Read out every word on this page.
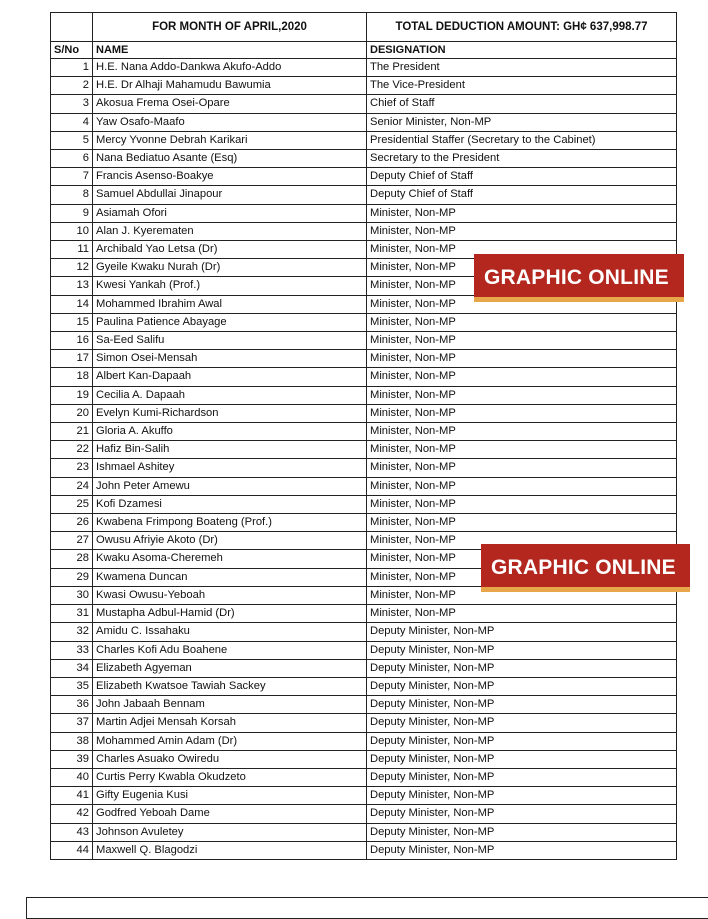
	FOR MONTH OF APRIL,2020	TOTAL DEDUCTION AMOUNT: GH¢ 637,998.77
S/No	NAME	DESIGNATION
1	H.E. Nana Addo-Dankwa Akufo-Addo	The President
2	H.E. Dr Alhaji Mahamudu Bawumia	The Vice-President
3	Akosua Frema Osei-Opare	Chief of Staff
4	Yaw Osafo-Maafo	Senior Minister, Non-MP
5	Mercy Yvonne Debrah Karikari	Presidential Staffer (Secretary to the Cabinet)
6	Nana Bediatuo Asante (Esq)	Secretary to the President
7	Francis Asenso-Boakye	Deputy Chief of Staff
8	Samuel Abdullai Jinapour	Deputy Chief of Staff
9	Asiamah Ofori	Minister, Non-MP
10	Alan J. Kyerematen	Minister, Non-MP
11	Archibald Yao Letsa (Dr)	Minister, Non-MP
12	Gyeile Kwaku Nurah (Dr)	Minister, Non-MP
13	Kwesi Yankah (Prof.)	Minister, Non-MP
14	Mohammed Ibrahim Awal	Minister, Non-MP
15	Paulina Patience Abayage	Minister, Non-MP
16	Sa-Eed Salifu	Minister, Non-MP
17	Simon Osei-Mensah	Minister, Non-MP
18	Albert Kan-Dapaah	Minister, Non-MP
19	Cecilia A. Dapaah	Minister, Non-MP
20	Evelyn Kumi-Richardson	Minister, Non-MP
21	Gloria A. Akuffo	Minister, Non-MP
22	Hafiz Bin-Salih	Minister, Non-MP
23	Ishmael Ashitey	Minister, Non-MP
24	John Peter Amewu	Minister, Non-MP
25	Kofi Dzamesi	Minister, Non-MP
26	Kwabena Frimpong Boateng (Prof.)	Minister, Non-MP
27	Owusu Afriyie Akoto (Dr)	Minister, Non-MP
28	Kwaku Asoma-Cheremeh	Minister, Non-MP
29	Kwamena Duncan	Minister, Non-MP
30	Kwasi Owusu-Yeboah	Minister, Non-MP
31	Mustapha Adbul-Hamid (Dr)	Minister, Non-MP
32	Amidu C. Issahaku	Deputy Minister, Non-MP
33	Charles Kofi Adu Boahene	Deputy Minister, Non-MP
34	Elizabeth Agyeman	Deputy Minister, Non-MP
35	Elizabeth Kwatsoe Tawiah Sackey	Deputy Minister, Non-MP
36	John Jabaah Bennam	Deputy Minister, Non-MP
37	Martin Adjei Mensah Korsah	Deputy Minister, Non-MP
38	Mohammed Amin Adam (Dr)	Deputy Minister, Non-MP
39	Charles Asuako Owiredu	Deputy Minister, Non-MP
40	Curtis Perry Kwabla Okudzeto	Deputy Minister, Non-MP
41	Gifty Eugenia Kusi	Deputy Minister, Non-MP
42	Godfred Yeboah Dame	Deputy Minister, Non-MP
43	Johnson Avuletey	Deputy Minister, Non-MP
44	Maxwell Q. Blagodzi	Deputy Minister, Non-MP
GRAPHIC ONLINE
GRAPHIC ONLINE
